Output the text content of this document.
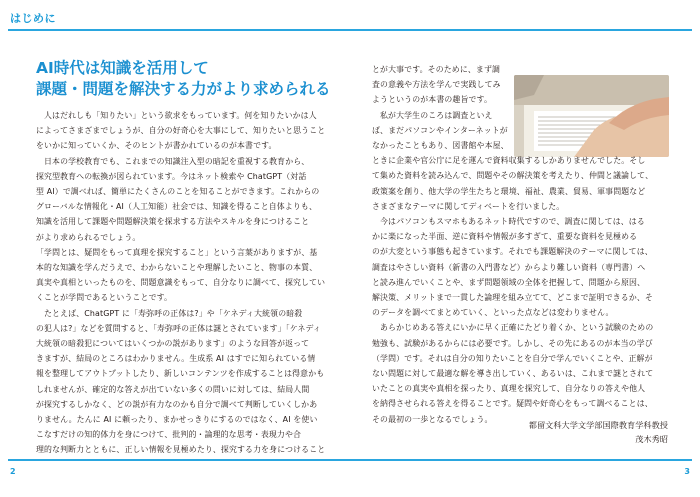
はじめに
AI時代は知識を活用して
課題・問題を解決する力がより求められる

人はだれしも「知りたい」という欲求をもっています。何を知りたいかは人

によってさまざまでしょうが、自分の好奇心を大事にして、知りたいと思うこと

をいかに知っていくか、そのヒントが書かれているのが本書です。

日本の学校教育でも、これまでの知識注入型の暗記を重視する教育から、

探究型教育への転換が図られています。今はネット検索や ChatGPT（対話

型 AI）で調べれば、簡単にたくさんのことを知ることができます。これからの

グローバルな情報化・AI（人工知能）社会では、知識を得ること自体よりも、

知識を活用して課題や問題解決策を探求する方法やスキルを身につけること

がより求められるでしょう。

「学問とは、疑問をもって真理を探究すること」という言葉がありますが、基

本的な知識を学んだうえで、わからないことや理解したいこと、物事の本質、

真実や真相といったものを、問題意識をもって、自分なりに調べて、探究してい

くことが学問であるということです。

たとえば、ChatGPT に「寿弥呼の正体は?」や「ケネディ大統領の暗殺

の犯人は?」などを質問すると、「寿弥呼の正体は謎とされています」「ケネディ

大統領の暗殺犯についてはいくつかの説があります」のような回答が返って

きますが、結局のところはわかりません。生成系 AI はすでに知られている情

報を整理してアウトプットしたり、新しいコンテンツを作成することは得意かも

しれませんが、確定的な答えが出ていない多くの問いに対しては、結局人間

が探究するしかなく、どの説が有力なのかも自分で調べて判断していくしかあ

りません。たんに AI に頼ったり、まかせっきりにするのではなく、AI を使い

こなすだけの知的体力を身につけて、批判的・論理的な思考・表現力や合

理的な判断力とともに、正しい情報を見極めたり、探究する力を身につけること

とが大事です。そのために、まず調

査の意義や方法を学んで実践してみ

ようというのが本書の趣旨です。

私が大学生のころは調査といえ

ば、まだパソコンやインターネットが

なかったこともあり、図書館や本屋、

ときに企業や官公庁に足を運んで資料収集するしかありませんでした。そし

て集めた資料を読み込んで、問題やその解決策を考えたり、仲間と議論して、

政策案を創り、他大学の学生たちと環境、福祉、農業、貿易、軍事問題など

さまざまなテーマに関してディベートを行いました。

今はパソコンもスマホもあるネット時代ですので、調査に関しては、はる

かに楽になった半面、逆に資料や情報が多すぎて、重要な資料を見極める

のが大変という事態も起きています。それでも課題解決のテーマに関しては、

調査はやさしい資料（新書の入門書など）からより難しい資料（専門書）へ

と読み進んでいくことや、まず問題領域の全体を把握して、問題から原因、

解決策、メリットまで一貫した論理を組み立てて、どこまで証明できるか、そ

のデータを調べてまとめていく、といった点などは変わりません。

あらかじめある答えにいかに早く正確にたどり着くか、という試験のための

勉強も、試験があるからには必要です。しかし、その先にあるのが本当の学び

（学問）です。それは自分の知りたいことを自分で学んでいくことや、正解が

ない問題に対して最適な解を導き出していく、あるいは、これまで謎とされて

いたことの真実や真相を探ったり、真理を探究して、自分なりの答えや他人

を納得させられる答えを得ることです。疑問や好奇心をもって調べることは、

その最初の一歩となるでしょう。

都留文科大学文学部国際教育学科教授
茂木秀昭
2	3
